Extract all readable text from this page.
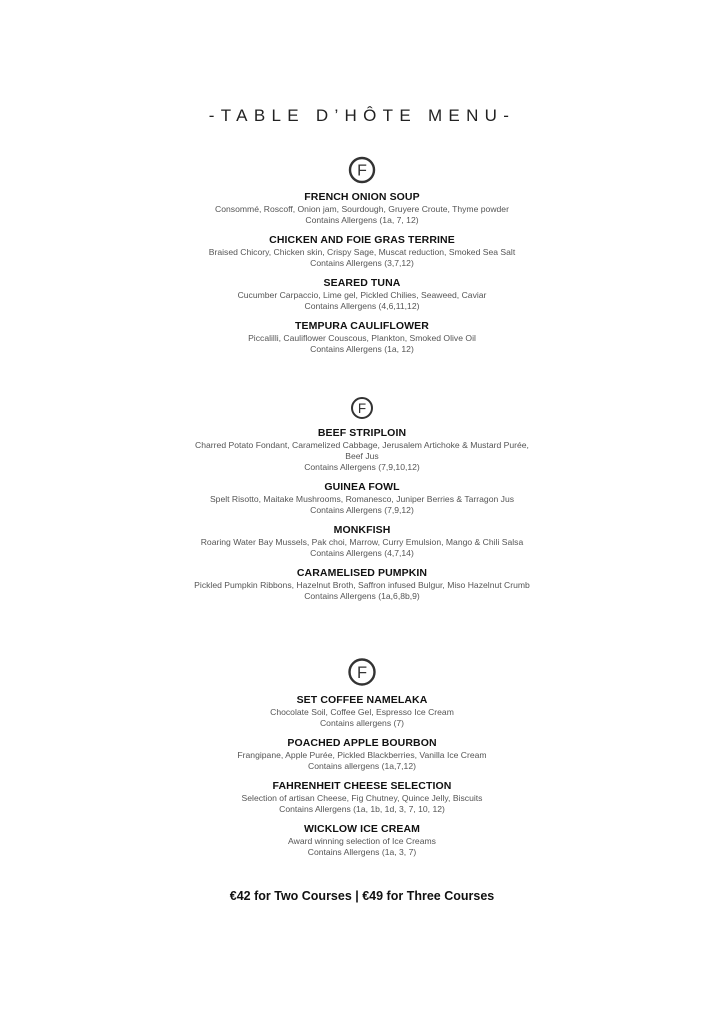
-TABLE D’HÔTE MENU-
F
FRENCH ONION SOUP
Consommé, Roscoff, Onion jam, Sourdough, Gruyere Croute, Thyme powder
Contains Allergens (1a, 7, 12)
CHICKEN AND FOIE GRAS TERRINE
Braised Chicory, Chicken skin, Crispy Sage, Muscat reduction, Smoked Sea Salt
Contains Allergens (3,7,12)
SEARED TUNA
Cucumber Carpaccio, Lime gel, Pickled Chilies, Seaweed, Caviar
Contains Allergens (4,6,11,12)
TEMPURA CAULIFLOWER
Piccalilli, Cauliflower Couscous, Plankton, Smoked Olive Oil
Contains Allergens (1a, 12)
F
BEEF STRIPLOIN
Charred Potato Fondant, Caramelized Cabbage, Jerusalem Artichoke & Mustard Purée, Beef Jus
Contains Allergens (7,9,10,12)
GUINEA FOWL
Spelt Risotto, Maitake Mushrooms, Romanesco, Juniper Berries & Tarragon Jus
Contains Allergens (7,9,12)
MONKFISH
Roaring Water Bay Mussels, Pak choi, Marrow, Curry Emulsion, Mango & Chili Salsa
Contains Allergens (4,7,14)
CARAMELISED PUMPKIN
Pickled Pumpkin Ribbons, Hazelnut Broth, Saffron infused Bulgur, Miso Hazelnut Crumb
Contains Allergens (1a,6,8b,9)
F
SET COFFEE NAMELAKA
Chocolate Soil, Coffee Gel, Espresso Ice Cream
Contains allergens (7)
POACHED APPLE BOURBON
Frangipane, Apple Purée, Pickled Blackberries, Vanilla Ice Cream
Contains allergens (1a,7,12)
FAHRENHEIT CHEESE SELECTION
Selection of artisan Cheese, Fig Chutney, Quince Jelly, Biscuits
Contains Allergens (1a, 1b, 1d, 3, 7, 10, 12)
WICKLOW ICE CREAM
Award winning selection of Ice Creams
Contains Allergens (1a, 3, 7)
€42 for Two Courses | €49 for Three Courses
